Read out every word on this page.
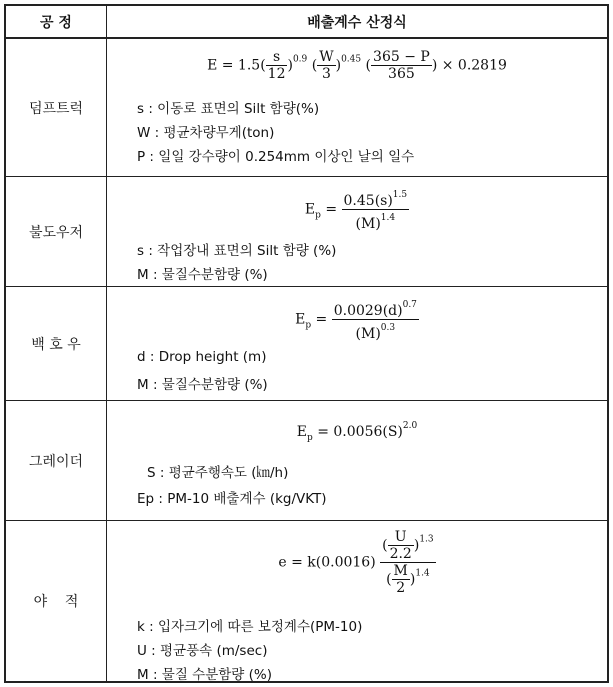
공 정	배출계수 산정식
덤프트럭
$E = 1.5( \frac{s}{12} )^{0.9}$ ( $\frac{W}{3} )^{0.45}$ ( $\frac{365 - P}{365}$ ) × 0.2819
s : 이동로 표면의 Silt 함량(%)
W : 평균차량무게(ton)
P : 일일 강수량이 0.254mm 이상인 날의 일수
불도우저
$E_p = \frac{0.45(s)^{1.5}}{(M)^{1.4}}$
s : 작업장내 표면의 Silt 함량 (%)
M : 물질수분함량 (%)
백 호 우
$E_p = \frac{0.0029(d)^{0.7}}{(M)^{0.3}}$
d : Drop height (m)
M : 물질수분함량 (%)
그레이더
$E_p = 0.0056(S)^{2.0}$
S : 평균주행속도 (㎞/h)
Ep : PM-10 배출계수 (kg/VKT)
야    적
$e = k(0.0016) \frac{( \frac{U}{2.2} )^{1.3}}{( \frac{M}{2} )^{1.4}}$
k : 입자크기에 따른 보정계수(PM-10)
U : 평균풍속 (m/sec)
M : 물질 수분함량 (%)
